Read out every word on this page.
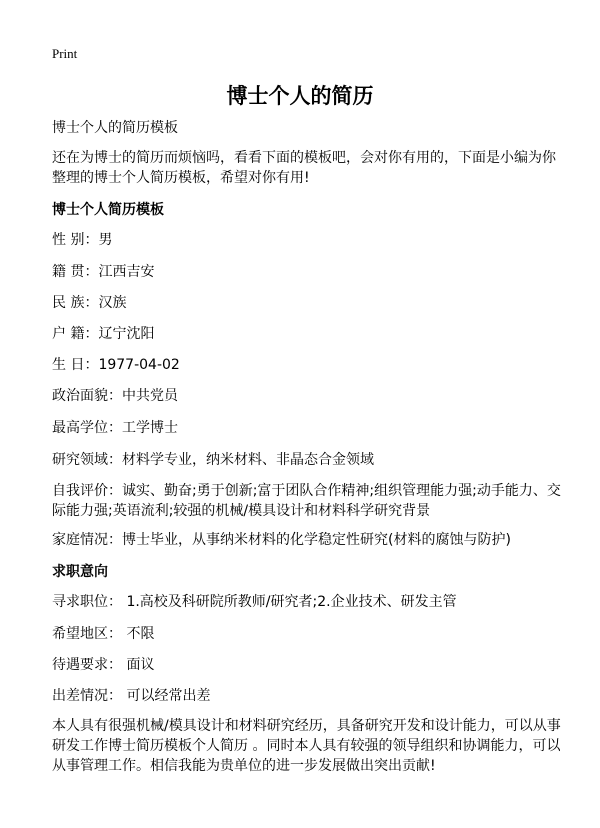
Print
博士个人的简历
博士个人的简历模板
还在为博士的简历而烦恼吗，看看下面的模板吧，会对你有用的，下面是小编为你整理的博士个人简历模板，希望对你有用!
博士个人简历模板
性 别：男
籍 贯：江西吉安
民 族：汉族
户 籍：辽宁沈阳
生 日：1977-04-02
政治面貌：中共党员
最高学位：工学博士
研究领域：材料学专业，纳米材料、非晶态合金领域
自我评价：诚实、勤奋;勇于创新;富于团队合作精神;组织管理能力强;动手能力、交际能力强;英语流利;较强的机械/模具设计和材料科学研究背景
家庭情况：博士毕业，从事纳米材料的化学稳定性研究(材料的腐蚀与防护)
求职意向
寻求职位： 1.高校及科研院所教师/研究者;2.企业技术、研发主管
希望地区： 不限
待遇要求： 面议
出差情况： 可以经常出差
本人具有很强机械/模具设计和材料研究经历，具备研究开发和设计能力，可以从事研发工作博士简历模板个人简历 。同时本人具有较强的领导组织和协调能力，可以从事管理工作。相信我能为贵单位的进一步发展做出突出贡献!
